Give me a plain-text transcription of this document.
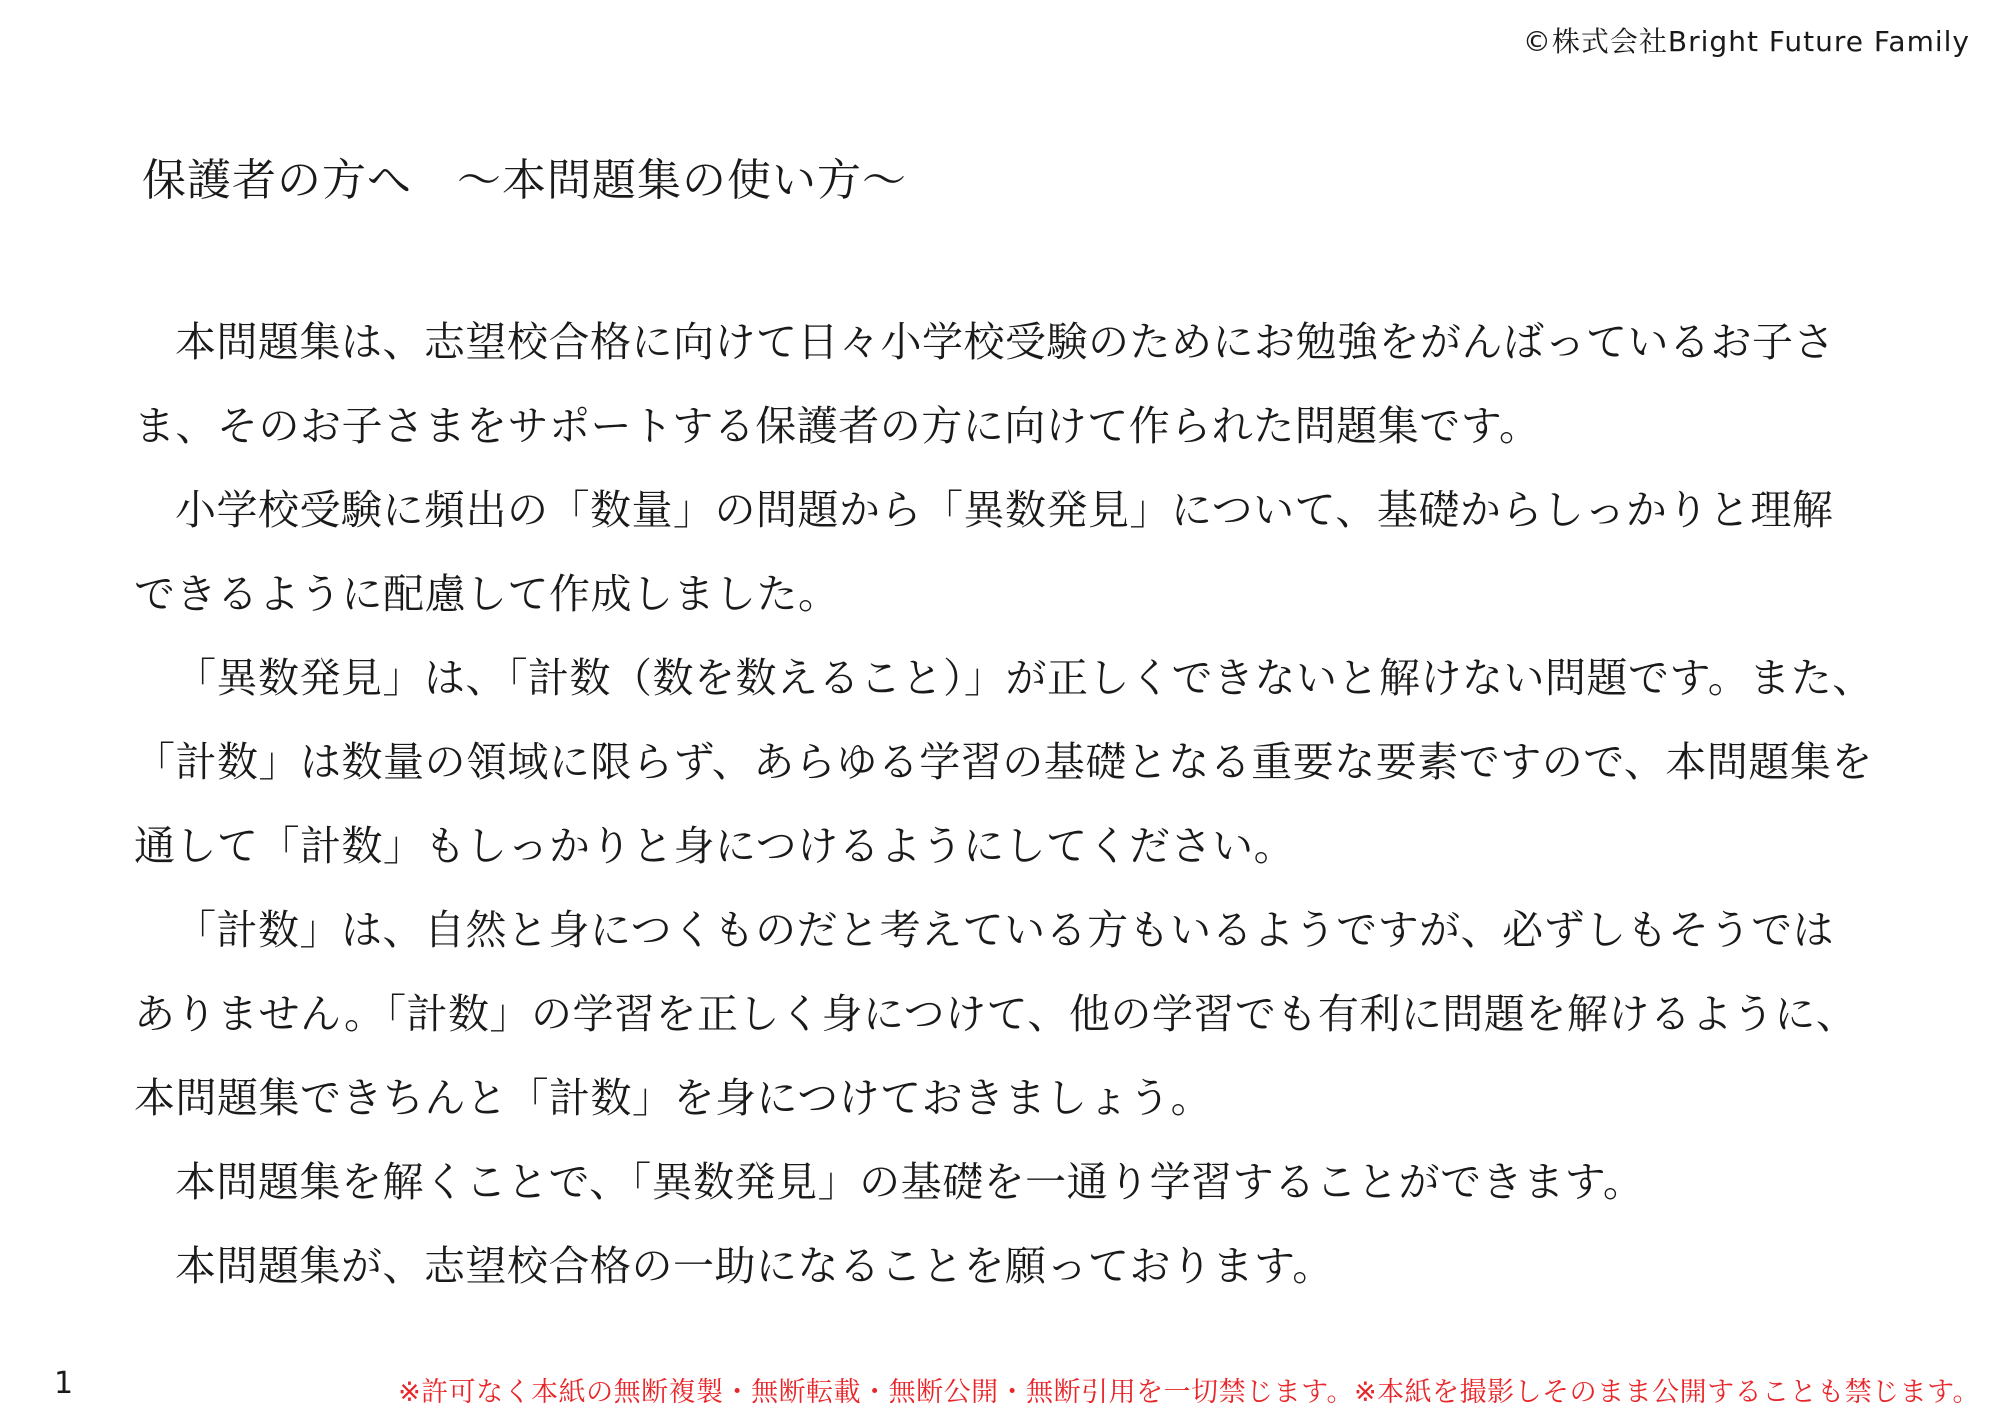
©株式会社Bright Future Family
保護者の方へ　～本問題集の使い方～

本問題集は、志望校合格に向けて日々小学校受験のためにお勉強をがんばっているお子さま、そのお子さまをサポートする保護者の方に向けて作られた問題集です。

小学校受験に頻出の「数量」の問題から「異数発見」について、基礎からしっかりと理解できるように配慮して作成しました。

「異数発見」は、「計数（数を数えること）」が正しくできないと解けない問題です。また、「計数」は数量の領域に限らず、あらゆる学習の基礎となる重要な要素ですので、本問題集を通して「計数」もしっかりと身につけるようにしてください。

「計数」は、自然と身につくものだと考えている方もいるようですが、必ずしもそうではありません。「計数」の学習を正しく身につけて、他の学習でも有利に問題を解けるように、本問題集できちんと「計数」を身につけておきましょう。

本問題集を解くことで、「異数発見」の基礎を一通り学習することができます。

本問題集が、志望校合格の一助になることを願っております。

1	※許可なく本紙の無断複製・無断転載・無断公開・無断引用を一切禁じます。※本紙を撮影しそのまま公開することも禁じます。
